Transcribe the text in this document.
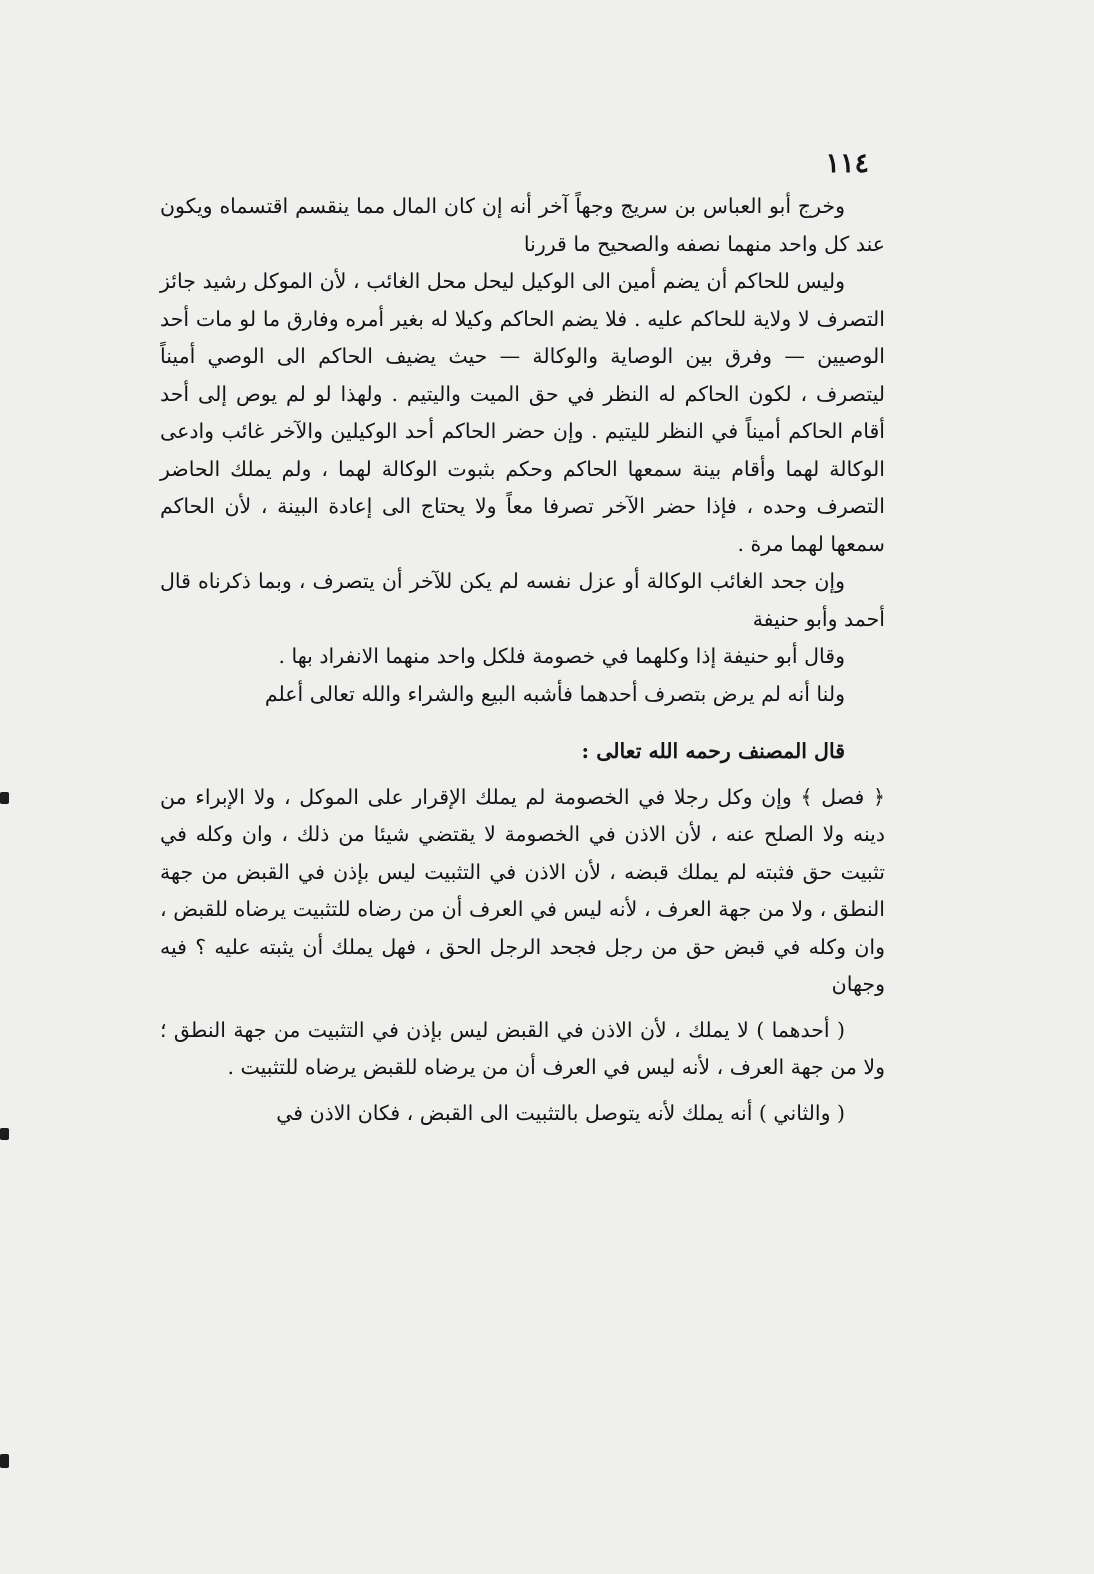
١١٤

وخرج أبو العباس بن سريج وجهاً آخر أنه إن كان المال مما ينقسم اقتسماه ويكون عند كل واحد منهما نصفه والصحيح ما قررنا

وليس للحاكم أن يضم أمين الى الوكيل ليحل محل الغائب ، لأن الموكل رشيد جائز التصرف لا ولاية للحاكم عليه . فلا يضم الحاكم وكيلا له بغير أمره وفارق ما لو مات أحد الوصيين — وفرق بين الوصاية والوكالة — حيث يضيف الحاكم الى الوصي أميناً ليتصرف ، لكون الحاكم له النظر في حق الميت واليتيم . ولهذا لو لم يوص إلى أحد أقام الحاكم أميناً في النظر لليتيم . وإن حضر الحاكم أحد الوكيلين والآخر غائب وادعى الوكالة لهما وأقام بينة سمعها الحاكم وحكم بثبوت الوكالة لهما ، ولم يملك الحاضر التصرف وحده ، فإذا حضر الآخر تصرفا معاً ولا يحتاج الى إعادة البينة ، لأن الحاكم سمعها لهما مرة .

وإن جحد الغائب الوكالة أو عزل نفسه لم يكن للآخر أن يتصرف ، وبما ذكرناه قال أحمد وأبو حنيفة

وقال أبو حنيفة إذا وكلهما في خصومة فلكل واحد منهما الانفراد بها .

ولنا أنه لم يرض بتصرف أحدهما فأشبه البيع والشراء والله تعالى أعلم

قال المصنف رحمه الله تعالى :

﴿ فصل ﴾ وإن وكل رجلا في الخصومة لم يملك الإقرار على الموكل ، ولا الإبراء من دينه ولا الصلح عنه ، لأن الاذن في الخصومة لا يقتضي شيئا من ذلك ، وان وكله في تثبيت حق فثبته لم يملك قبضه ، لأن الاذن في التثبيت ليس بإذن في القبض من جهة النطق ، ولا من جهة العرف ، لأنه ليس في العرف أن من رضاه للتثبيت يرضاه للقبض ، وان وكله في قبض حق من رجل فجحد الرجل الحق ، فهل يملك أن يثبته عليه ؟ فيه وجهان

( أحدهما ) لا يملك ، لأن الاذن في القبض ليس بإذن في التثبيت من جهة النطق ؛ ولا من جهة العرف ، لأنه ليس في العرف أن من يرضاه للقبض يرضاه للتثبيت .

( والثاني ) أنه يملك لأنه يتوصل بالتثبيت الى القبض ، فكان الاذن في
